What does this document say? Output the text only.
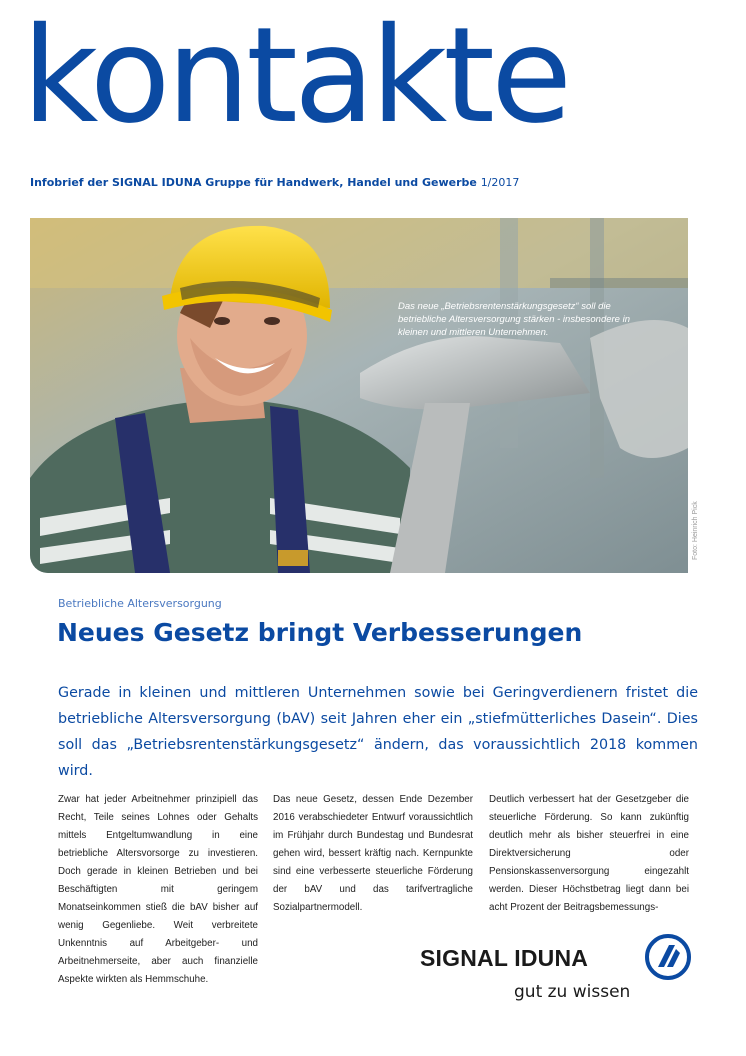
kontakte
Infobrief der SIGNAL IDUNA Gruppe für Handwerk, Handel und Gewerbe 1/2017
Das neue „Betriebsrentenstärkungsgesetz“ soll die betriebliche Altersversorgung stärken - insbesondere in kleinen und mittleren Unternehmen.
Foto: Heinrich Pick
Betriebliche Altersversorgung
Neues Gesetz bringt Verbesserungen
Gerade in kleinen und mittleren Unternehmen sowie bei Geringverdienern fristet die betriebliche Altersversorgung (bAV) seit Jahren eher ein „stiefmütterliches Dasein“. Dies soll das „Betriebsrentenstärkungsgesetz“ ändern, das voraussichtlich 2018 kommen wird.
Zwar hat jeder Arbeitnehmer prinzipiell das Recht, Teile seines Lohnes oder Gehalts mittels Entgeltumwandlung in eine betriebliche Altersvorsorge zu investieren. Doch gerade in kleinen Betrieben und bei Beschäftigten mit geringem Monatseinkommen stieß die bAV bisher auf wenig Gegenliebe. Weit verbreitete Unkenntnis auf Arbeitgeber- und Arbeitnehmerseite, aber auch finanzielle Aspekte wirkten als Hemmschuhe.
Das neue Gesetz, dessen Ende Dezember 2016 verabschiedeter Entwurf voraussichtlich im Frühjahr durch Bundestag und Bundesrat gehen wird, bessert kräftig nach. Kernpunkte sind eine verbesserte steuerliche Förderung der bAV und das tarifvertragliche Sozialpartnermodell.
Deutlich verbessert hat der Gesetzgeber die steuerliche Förderung. So kann zukünftig deutlich mehr als bisher steuerfrei in eine Direktversicherung oder Pensionskassenversorgung eingezahlt werden. Dieser Höchstbetrag liegt dann bei acht Prozent der Beitragsbemessungs-
SIGNAL IDUNA
gut zu wissen
